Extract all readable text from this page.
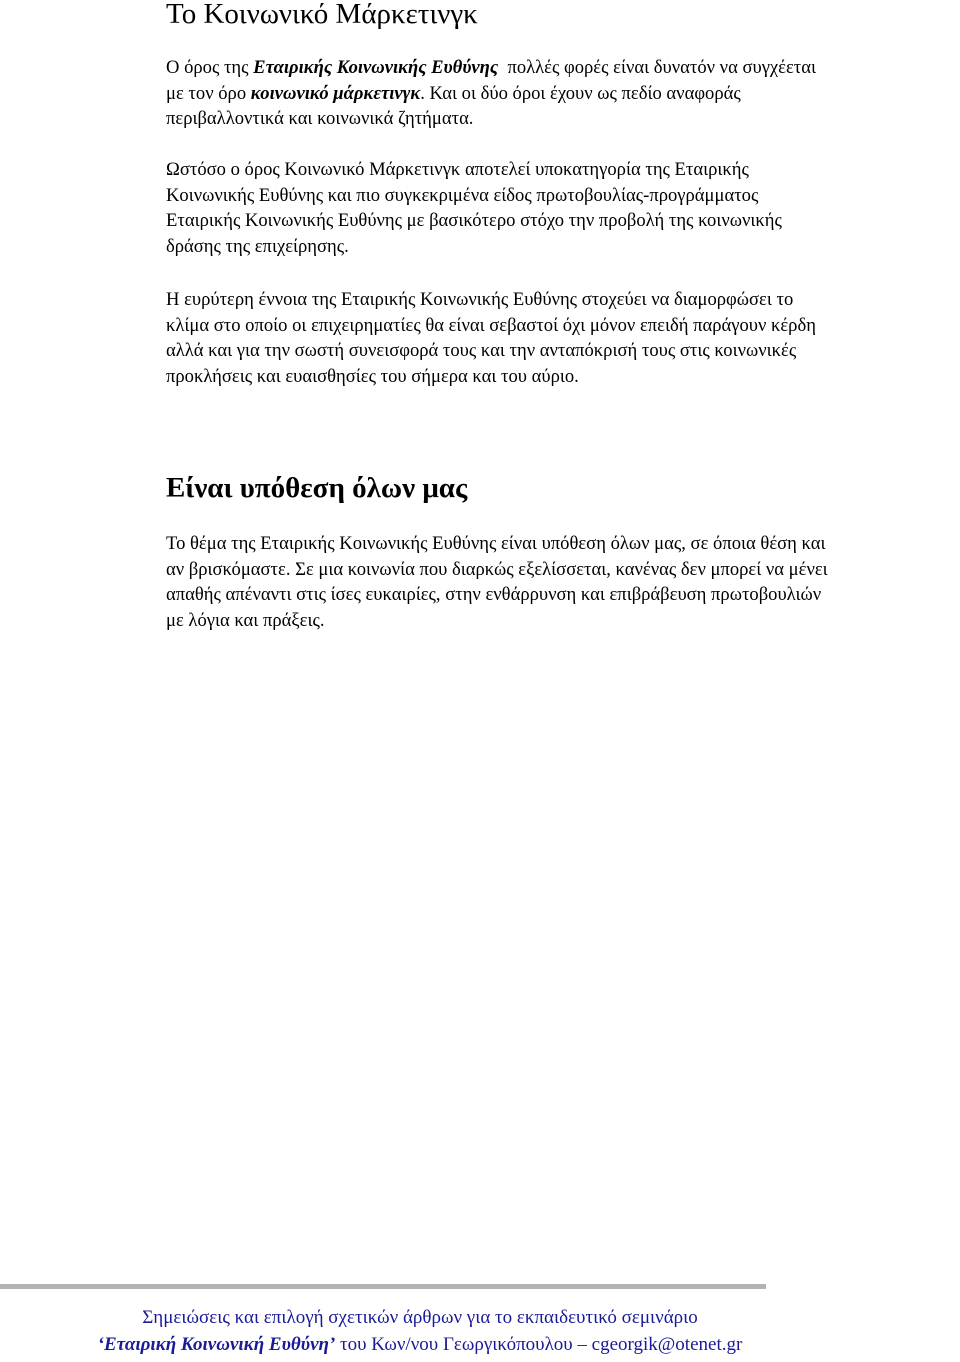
Το Κοινωνικό Μάρκετινγκ

Ο όρος της Εταιρικής Κοινωνικής Ευθύνης  πολλές φορές είναι δυνατόν να συγχέεται
με τον όρο κοινωνικό μάρκετινγκ. Και οι δύο όροι έχουν ως πεδίο αναφοράς
περιβαλλοντικά και κοινωνικά ζητήματα.

Ωστόσο ο όρος Κοινωνικό Μάρκετινγκ αποτελεί υποκατηγορία της Εταιρικής
Κοινωνικής Ευθύνης και πιο συγκεκριμένα είδος πρωτοβουλίας-προγράμματος
Εταιρικής Κοινωνικής Ευθύνης με βασικότερο στόχο την προβολή της κοινωνικής
δράσης της επιχείρησης.

Η ευρύτερη έννοια της Εταιρικής Κοινωνικής Ευθύνης στοχεύει να διαμορφώσει το
κλίμα στο οποίο οι επιχειρηματίες θα είναι σεβαστοί όχι μόνον επειδή παράγουν κέρδη
αλλά και για την σωστή συνεισφορά τους και την ανταπόκρισή τους στις κοινωνικές
προκλήσεις και ευαισθησίες του σήμερα και του αύριο.

Είναι υπόθεση όλων μας

Το θέμα της Εταιρικής Κοινωνικής Ευθύνης είναι υπόθεση όλων μας, σε όποια θέση και
αν βρισκόμαστε. Σε μια κοινωνία που διαρκώς εξελίσσεται, κανένας δεν μπορεί να μένει
απαθής απέναντι στις ίσες ευκαιρίες, στην ενθάρρυνση και επιβράβευση πρωτοβουλιών
με λόγια και πράξεις.

Σημειώσεις και επιλογή σχετικών άρθρων για το εκπαιδευτικό σεμινάριο
‘Εταιρική Κοινωνική Ευθύνη’ του Κων/νου Γεωργικόπουλου – cgeorgik@otenet.gr
